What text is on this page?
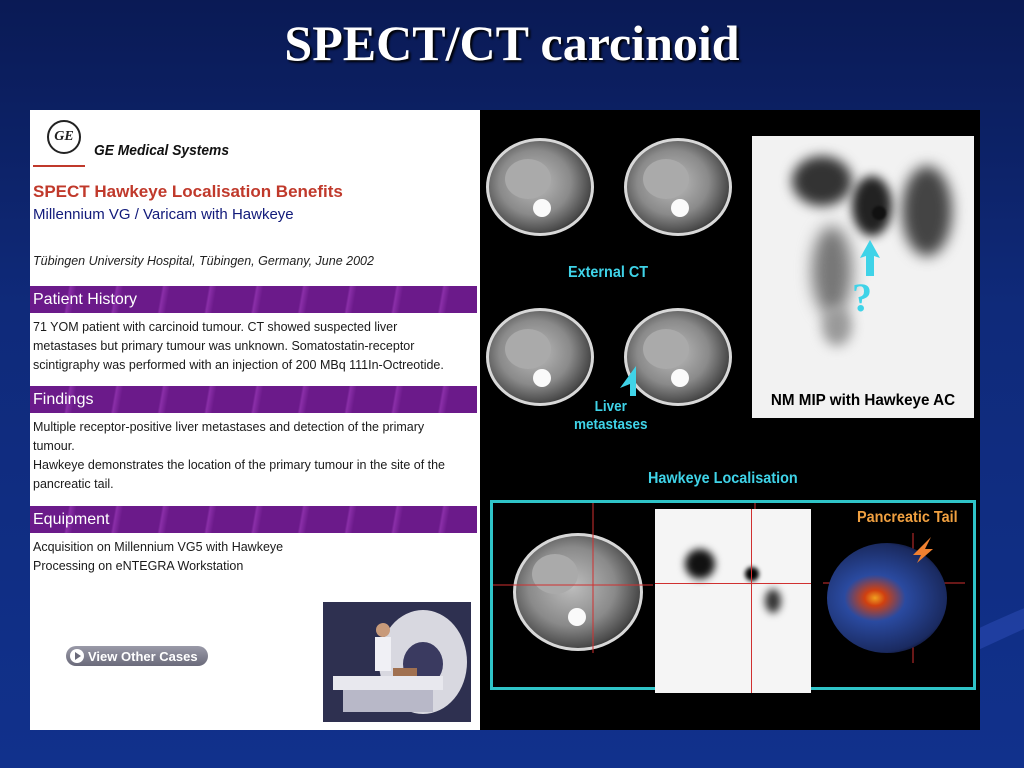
SPECT/CT carcinoid
GE
GE Medical Systems
SPECT Hawkeye Localisation Benefits
Millennium VG / Varicam with Hawkeye
Tübingen University Hospital, Tübingen, Germany, June 2002
Patient History
71 YOM patient with carcinoid tumour. CT showed suspected liver
metastases but primary tumour was unknown. Somatostatin-receptor
scintigraphy was performed with an injection of 200 MBq 111In-Octreotide.
Findings
Multiple receptor-positive liver metastases and detection of the primary
tumour.
Hawkeye demonstrates the location of the primary tumour in the site of the
pancreatic tail.
Equipment
Acquisition on Millennium VG5 with Hawkeye
Processing on eNTEGRA Workstation
View Other Cases
External CT
Liver
metastases
?
NM MIP with Hawkeye AC
Hawkeye Localisation
Pancreatic Tail
